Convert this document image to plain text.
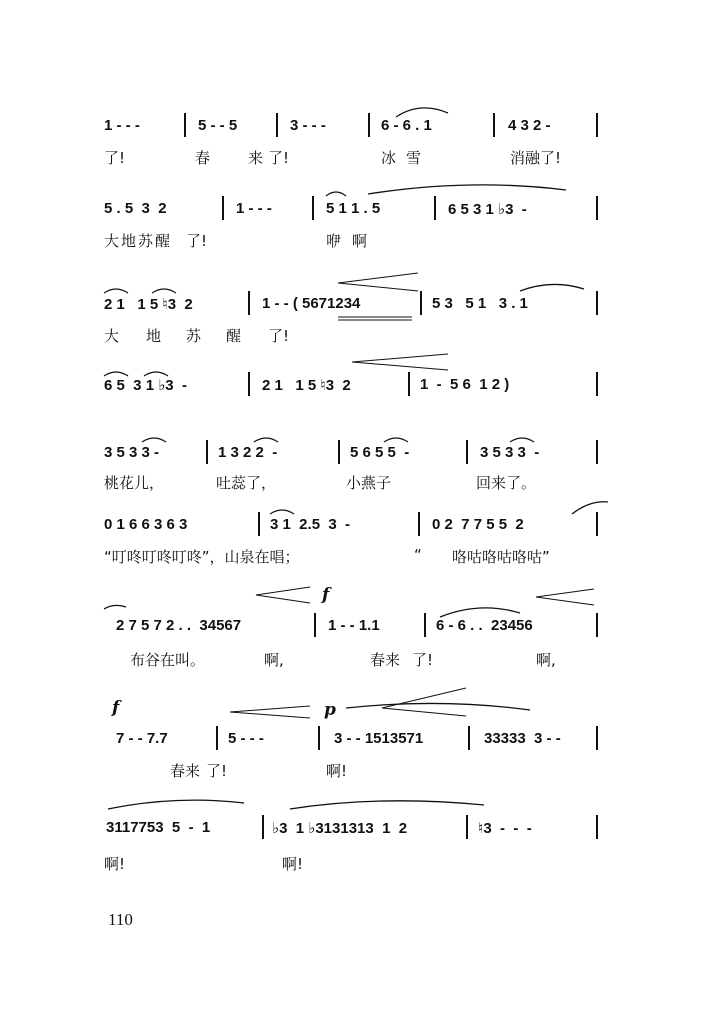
1 - - -	5 - - 5	3 - - -	6 - 6 . 1	4 3 2 -
了!	春	来 了!	冰 雪	消融了!
5 . 5  3  2	1 - - -	5 1 1 . 5	6 5 3 1 ♭3  -
大地苏醒 了!	咿 啊
2 1   1 5 ♮3  2	1 - - ( 5671234	5 3   5 1   3 . 1
大 地 苏 醒 了!
6 5  3 1 ♭3  -	2 1   1 5 ♮3  2	1  -  5 6  1 2 )
3 5 3 3 -	1 3 2 2  -	5 6 5 5  -	3 5 3 3  -
桃花儿，	吐蕊了，	小燕子	回来了。
0 1 6 6 3 6 3	3 1  2.5  3  -	0 2  7 7 5 5  2
“叮咚叮咚叮咚”，山泉在唱；	“ 咯咕咯咕咯咕”
2 7 5 7 2 . .  34567	1 - - 1.1	6 - 6 . .  23456
布谷在叫。	啊,	春来 了!	啊,
f
f	p
7 - - 7.7	5 - - -	3 - - 1513571	33333  3 - -
春来 了!	啊!
3117753  5  -  1	♭3  1 ♭3131313  1  2	♮3  -  -  -
啊!	啊!
110
